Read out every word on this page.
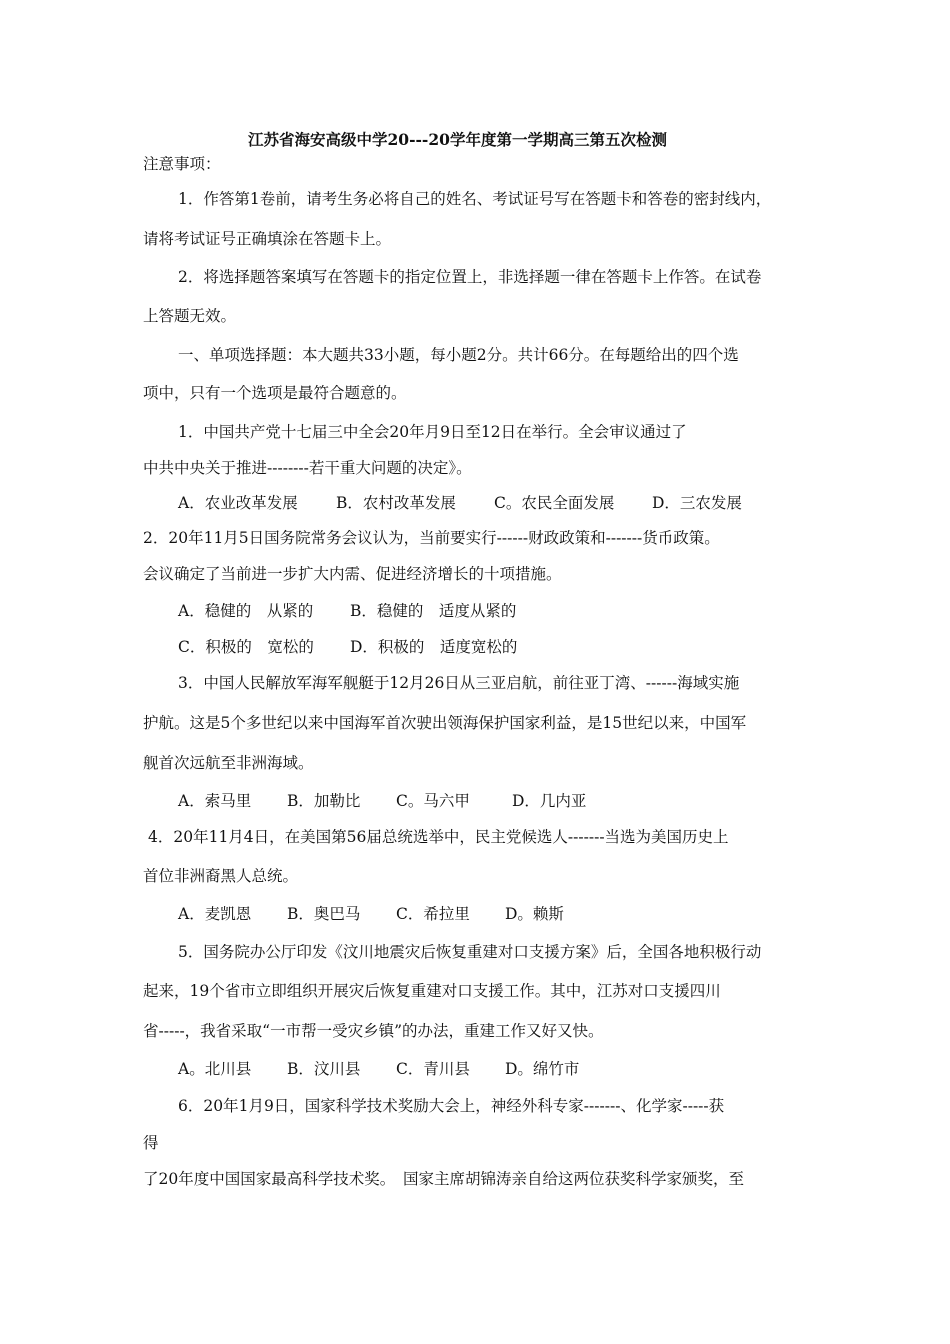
江苏省海安高级中学20---20学年度第一学期高三第五次检测
注意事项：
1．作答第1卷前，请考生务必将自己的姓名、考试证号写在答题卡和答卷的密封线内，
请将考试证号正确填涂在答题卡上。
2．将选择题答案填写在答题卡的指定位置上，非选择题一律在答题卡上作答。在试卷
上答题无效。
一、单项选择题：本大题共33小题，每小题2分。共计66分。在每题给出的四个选
项中，只有一个选项是最符合题意的。
1．中国共产党十七届三中全会20年月9日至12日在举行。全会审议通过了
中共中央关于推进--------若干重大问题的决定》。
A．农业改革发展 B．农村改革发展 C。农民全面发展 D．三农发展
2．20年11月5日国务院常务会议认为，当前要实行------财政政策和-------货币政策。
会议确定了当前进一步扩大内需、促进经济增长的十项措施。
A．稳健的　从紧的 B．稳健的　适度从紧的
C．积极的　宽松的 D．积极的　适度宽松的
3．中国人民解放军海军舰艇于12月26日从三亚启航，前往亚丁湾、------海域实施
护航。这是5个多世纪以来中国海军首次驶出领海保护国家利益，是15世纪以来，中国军
舰首次远航至非洲海域。
A．索马里 B．加勒比 C。马六甲	D．几内亚
4．20年11月4日，在美国第56届总统选举中，民主党候选人-------当选为美国历史上
首位非洲裔黑人总统。
A．麦凯恩 B．奥巴马 C．希拉里 D。赖斯
5．国务院办公厅印发《汶川地震灾后恢复重建对口支援方案》后，全国各地积极行动
起来，19个省市立即组织开展灾后恢复重建对口支援工作。其中，江苏对口支援四川
省-----，我省采取“一市帮一受灾乡镇”的办法，重建工作又好又快。
A。北川县 B．汶川县 C．青川县 D。绵竹市
6．20年1月9日，国家科学技术奖励大会上，神经外科专家-------、化学家-----获
得
了20年度中国国家最高科学技术奖。　国家主席胡锦涛亲自给这两位获奖科学家颁奖，至
